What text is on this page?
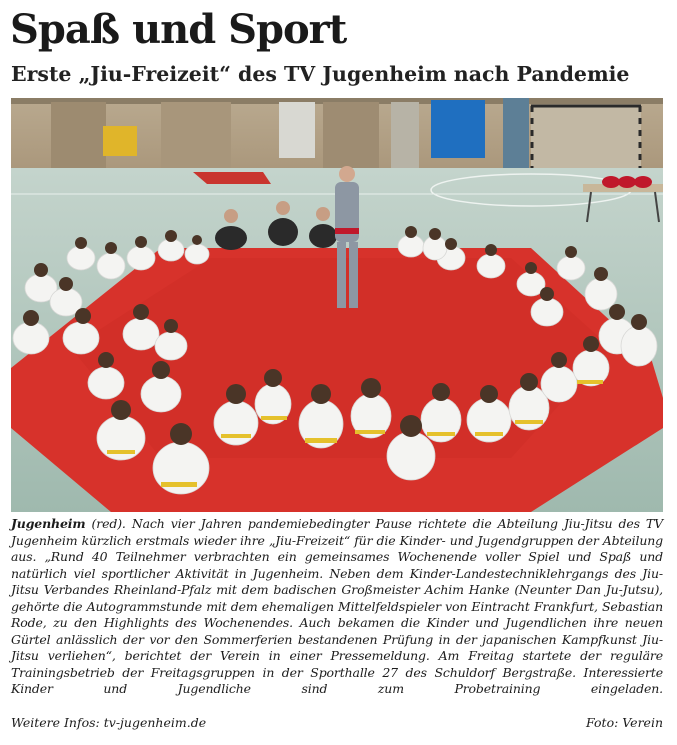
Spaß und Sport
Erste „Jiu-Freizeit“ des TV Jugenheim nach Pandemie

Jugenheim (red). Nach vier Jahren pandemiebedingter Pause richtete die Abteilung Jiu-Jitsu des TV Jugenheim kürzlich erstmals wieder ihre „Jiu-Freizeit“ für die Kinder- und Jugendgruppen der Abteilung aus. „Rund 40 Teilnehmer verbrachten ein gemeinsames Wochenende voller Spiel und Spaß und natürlich viel sportlicher Aktivität in Jugenheim. Neben dem Kinder-Landestechniklehrgangs des Jiu-Jitsu Verbandes Rheinland-Pfalz mit dem badischen Großmeister Achim Hanke (Neunter Dan Ju-Jutsu), gehörte die Autogrammstunde mit dem ehemaligen Mittelfeldspieler von Eintracht Frankfurt, Sebastian Rode, zu den Highlights des Wochenendes. Auch bekamen die Kinder und Jugendlichen ihre neuen Gürtel anlässlich der vor den Sommerferien bestandenen Prüfung in der japanischen Kampfkunst Jiu-Jitsu verliehen“, berichtet der Verein in einer Pressemeldung. Am Freitag startete der reguläre Trainingsbetrieb der Freitagsgruppen in der Sporthalle 27 des Schuldorf Bergstraße. Interessierte Kinder und Jugendliche sind zum Probetraining eingeladen.

Weitere Infos: tv-jugenheim.de	Foto: Verein
